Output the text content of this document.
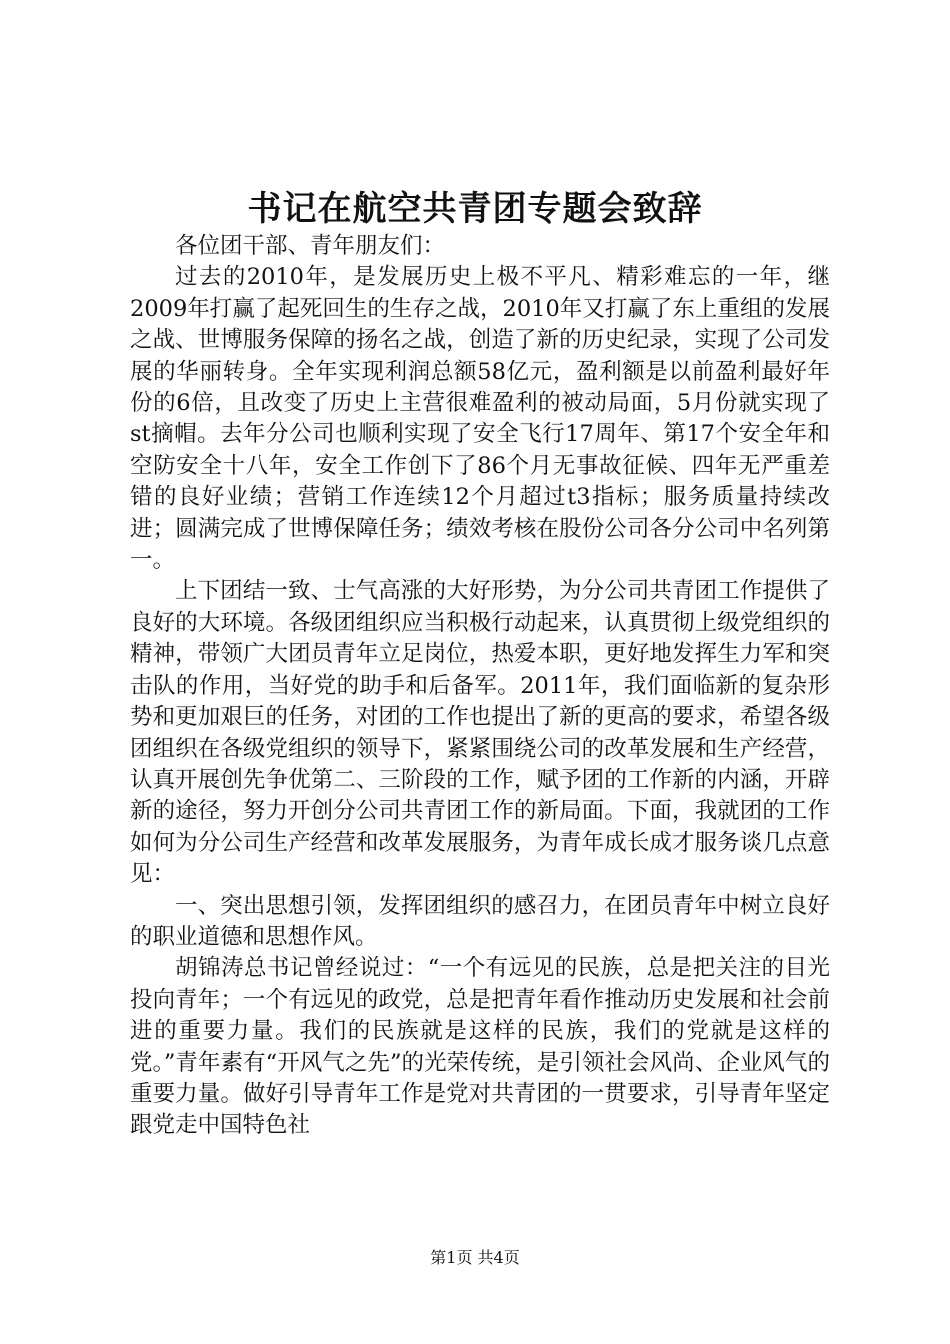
书记在航空共青团专题会致辞

各位团干部、青年朋友们：

过去的2010年，是发展历史上极不平凡、精彩难忘的一年，继2009年打赢了起死回生的生存之战，2010年又打赢了东上重组的发展之战、世博服务保障的扬名之战，创造了新的历史纪录，实现了公司发展的华丽转身。全年实现利润总额58亿元，盈利额是以前盈利最好年份的6倍，且改变了历史上主营很难盈利的被动局面，5月份就实现了st摘帽。去年分公司也顺利实现了安全飞行17周年、第17个安全年和空防安全十八年，安全工作创下了86个月无事故征候、四年无严重差错的良好业绩；营销工作连续12个月超过t3指标；服务质量持续改进；圆满完成了世博保障任务；绩效考核在股份公司各分公司中名列第一。

上下团结一致、士气高涨的大好形势，为分公司共青团工作提供了良好的大环境。各级团组织应当积极行动起来，认真贯彻上级党组织的精神，带领广大团员青年立足岗位，热爱本职，更好地发挥生力军和突击队的作用，当好党的助手和后备军。2011年，我们面临新的复杂形势和更加艰巨的任务，对团的工作也提出了新的更高的要求，希望各级团组织在各级党组织的领导下，紧紧围绕公司的改革发展和生产经营，认真开展创先争优第二、三阶段的工作，赋予团的工作新的内涵，开辟新的途径，努力开创分公司共青团工作的新局面。下面，我就团的工作如何为分公司生产经营和改革发展服务，为青年成长成才服务谈几点意见：

一、突出思想引领，发挥团组织的感召力，在团员青年中树立良好的职业道德和思想作风。

胡锦涛总书记曾经说过：“一个有远见的民族，总是把关注的目光投向青年；一个有远见的政党，总是把青年看作推动历史发展和社会前进的重要力量。我们的民族就是这样的民族，我们的党就是这样的党。”青年素有“开风气之先”的光荣传统，是引领社会风尚、企业风气的重要力量。做好引导青年工作是党对共青团的一贯要求，引导青年坚定跟党走中国特色社

第1页 共4页
